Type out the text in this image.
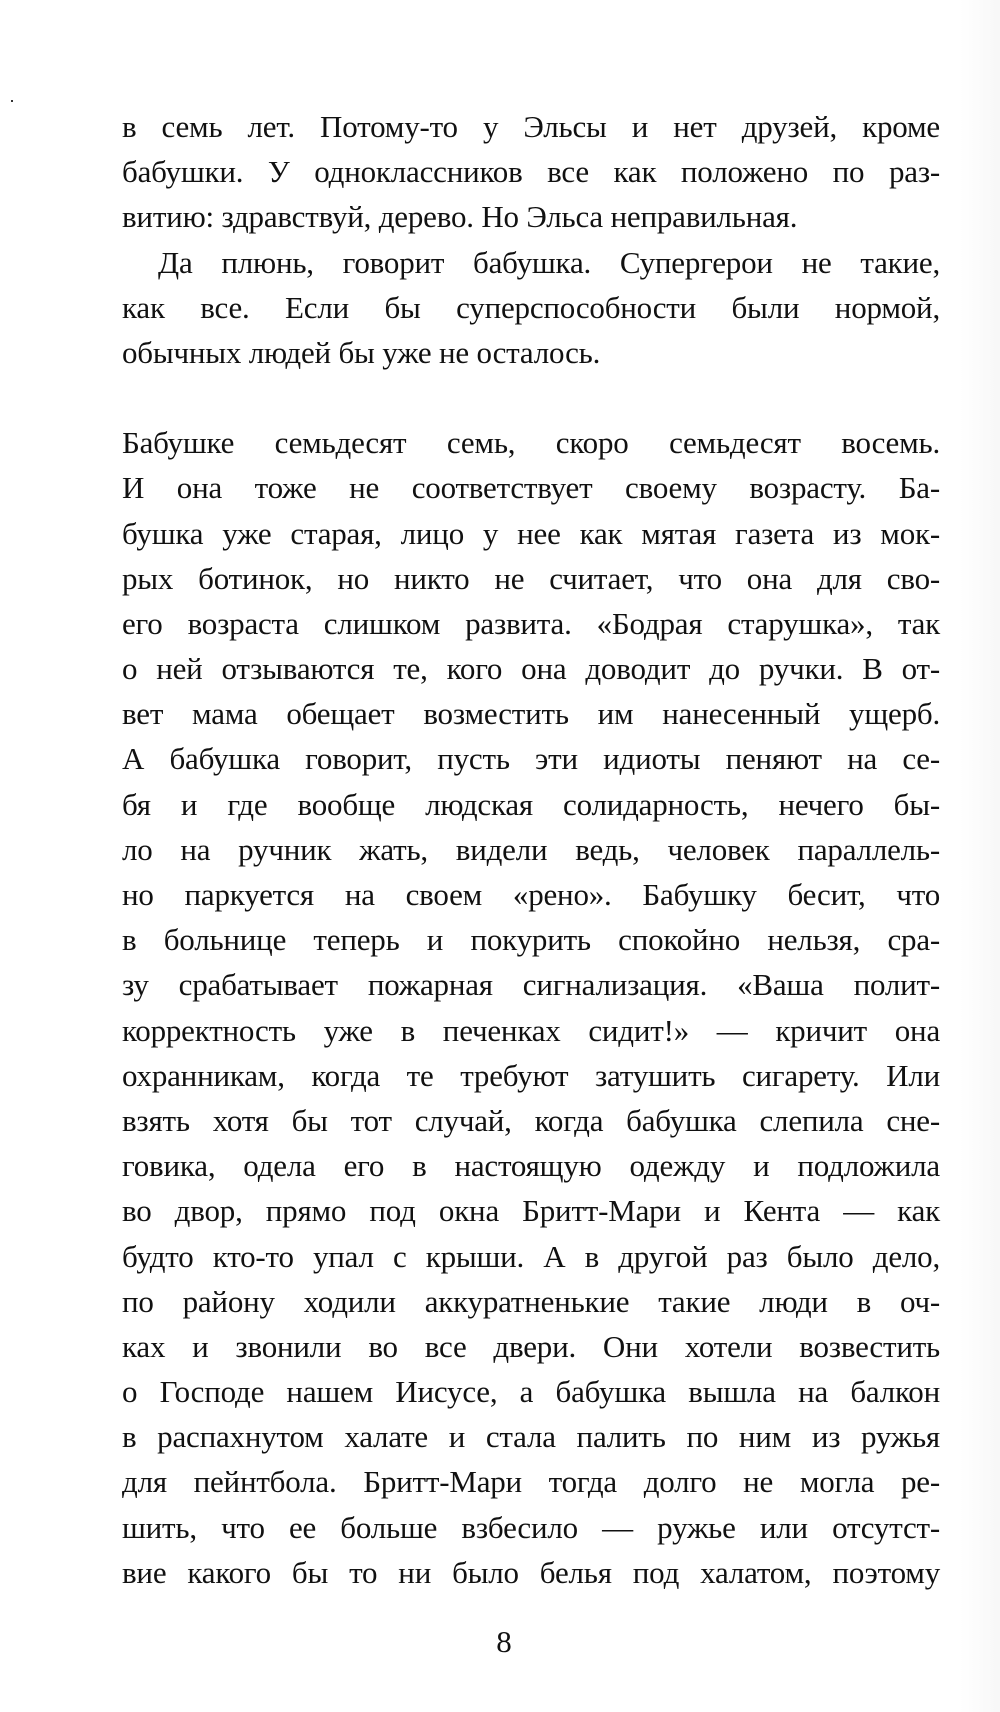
в семь лет. Потому-то у Эльсы и нет друзей, кроме
бабушки. У одноклассников все как положено по раз-
витию: здравствуй, дерево. Но Эльса неправильная.
Да плюнь, говорит бабушка. Супергерои не такие,
как все. Если бы суперспособности были нормой,
обычных людей бы уже не осталось.
Бабушке семьдесят семь, скоро семьдесят восемь.
И она тоже не соответствует своему возрасту. Ба-
бушка уже старая, лицо у нее как мятая газета из мок-
рых ботинок, но никто не считает, что она для сво-
его возраста слишком развита. «Бодрая старушка», так
о ней отзываются те, кого она доводит до ручки. В от-
вет мама обещает возместить им нанесенный ущерб.
А бабушка говорит, пусть эти идиоты пеняют на се-
бя и где вообще людская солидарность, нечего бы-
ло на ручник жать, видели ведь, человек параллель-
но паркуется на своем «рено». Бабушку бесит, что
в больнице теперь и покурить спокойно нельзя, сра-
зу срабатывает пожарная сигнализация. «Ваша полит-
корректность уже в печенках сидит!» — кричит она
охранникам, когда те требуют затушить сигарету. Или
взять хотя бы тот случай, когда бабушка слепила сне-
говика, одела его в настоящую одежду и подложила
во двор, прямо под окна Бритт-Мари и Кента — как
будто кто-то упал с крыши. А в другой раз было дело,
по району ходили аккуратненькие такие люди в оч-
ках и звонили во все двери. Они хотели возвестить
о Господе нашем Иисусе, а бабушка вышла на балкон
в распахнутом халате и стала палить по ним из ружья
для пейнтбола. Бритт-Мари тогда долго не могла ре-
шить, что ее больше взбесило — ружье или отсутст-
вие какого бы то ни было белья под халатом, поэтому
8
